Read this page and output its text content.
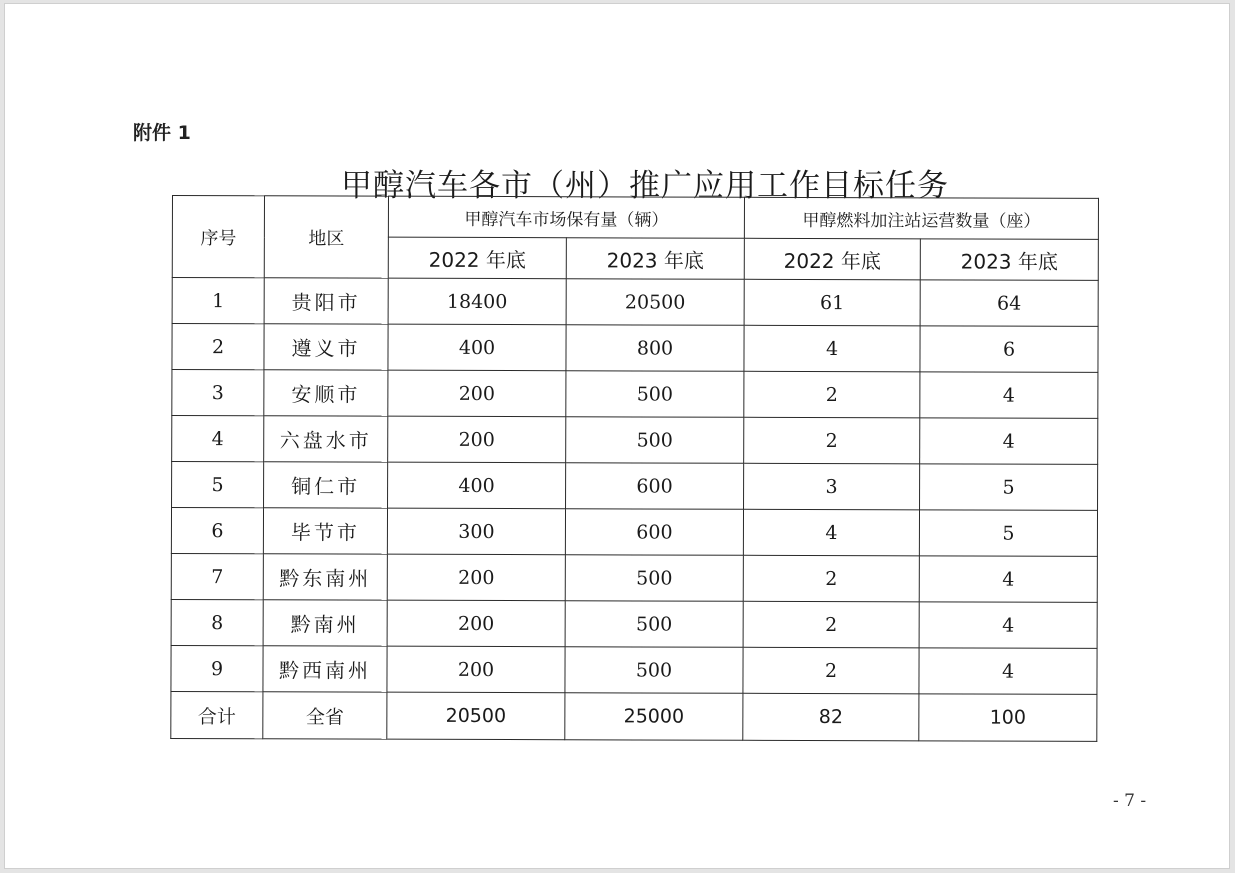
附件 1
甲醇汽车各市（州）推广应用工作目标任务
- 7 -
序号	地区	甲醇汽车市场保有量（辆）		甲醇燃料加注站运营数量（座）	
		2022 年底	2023 年底	2022 年底	2023 年底
1	贵阳市	18400	20500	61	64
2	遵义市	400	800	4	6
3	安顺市	200	500	2	4
4	六盘水市	200	500	2	4
5	铜仁市	400	600	3	5
6	毕节市	300	600	4	5
7	黔东南州	200	500	2	4
8	黔南州	200	500	2	4
9	黔西南州	200	500	2	4
合计	全省	20500	25000	82	100
